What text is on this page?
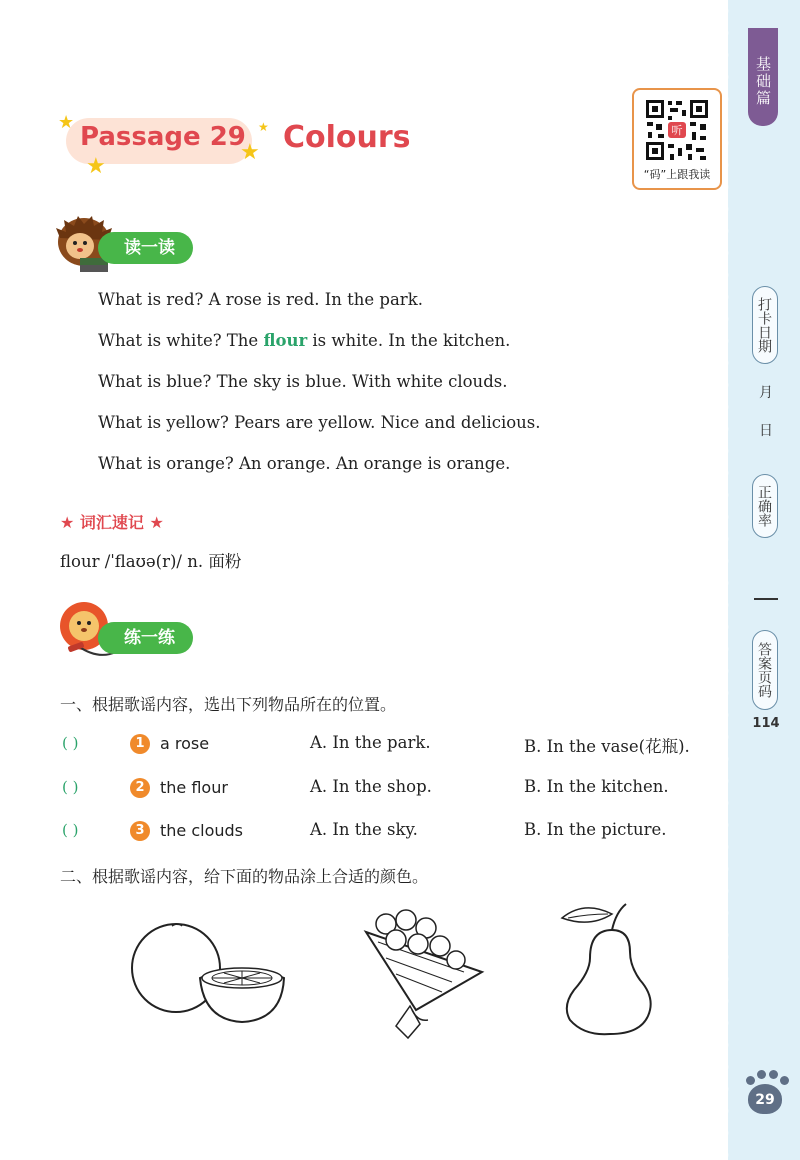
基础篇
打卡日期
月
日
正确率
答案页码
114
29
★
★
★
★
Passage 29 Colours	听
“码”上跟我读
读一读
What is red? A rose is red. In the park.
What is white? The flour is white. In the kitchen.
What is blue? The sky is blue. With white clouds.
What is yellow? Pears are yellow. Nice and delicious.
What is orange? An orange. An orange is orange.
★ 词汇速记 ★
flour /ˈflaʊə(r)/ n. 面粉
练一练
一、根据歌谣内容，选出下列物品所在的位置。
( )	1 a rose	A. In the park.	B. In the vase(花瓶).
( )	2 the flour	A. In the shop.	B. In the kitchen.
( )	3 the clouds	A. In the sky.	B. In the picture.
二、根据歌谣内容，给下面的物品涂上合适的颜色。
